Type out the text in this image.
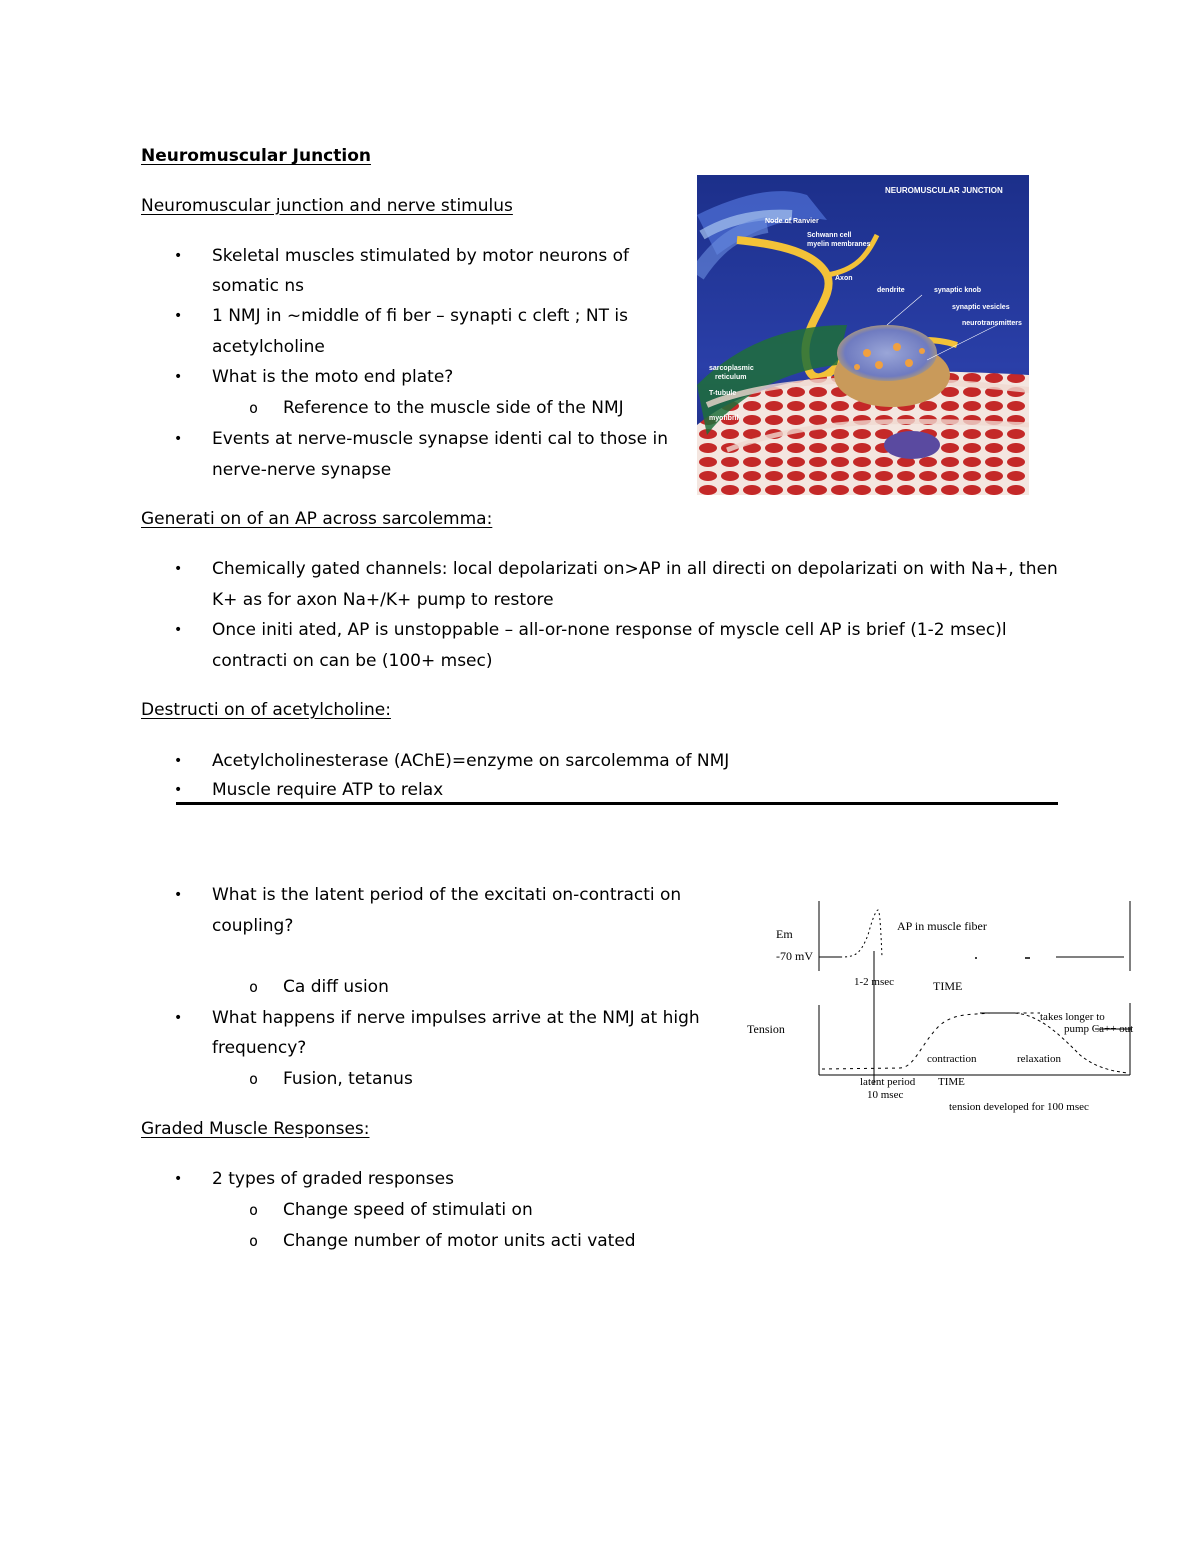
Neuromuscular Junction
Neuromuscular junction and nerve stimulus
• Skeletal muscles stimulated by motor neurons of
somatic ns
• 1 NMJ in ~middle of fi ber – synapti c cleft ; NT is
acetylcholine
• What is the moto end plate?
o Reference to the muscle side of the NMJ
• Events at nerve-muscle synapse identi cal to those in
nerve-nerve synapse
NEUROMUSCULAR JUNCTION
Node of Ranvier
Schwann cell
myelin membranes
Axon
dendrite	synaptic knob
synaptic vesicles
neurotransmitters
sarcoplasmic
reticulum
T-tubule
myofibril
Generati on of an AP across sarcolemma:
• Chemically gated channels: local depolarizati on>AP in all directi on depolarizati on with Na+, then
K+ as for axon Na+/K+ pump to restore
• Once initi ated, AP is unstoppable – all-or-none response of myscle cell AP is brief (1-2 msec)l
contracti on can be (100+ msec)
Destructi on of acetylcholine:
• Acetylcholinesterase (AChE)=enzyme on sarcolemma of NMJ
• Muscle require ATP to relax
• What is the latent period of the excitati on-contracti on
coupling?
o Ca diff usion
• What happens if nerve impulses arrive at the NMJ at high
frequency?
o Fusion, tetanus
Em
-70 mV
AP in muscle fiber
1-2 msec	TIME
Tension
takes longer to
pump Ca++ out
contraction	relaxation
latent period TIME
10 msec
tension developed for 100 msec
Graded Muscle Responses:
• 2 types of graded responses
o Change speed of stimulati on
o Change number of motor units acti vated
